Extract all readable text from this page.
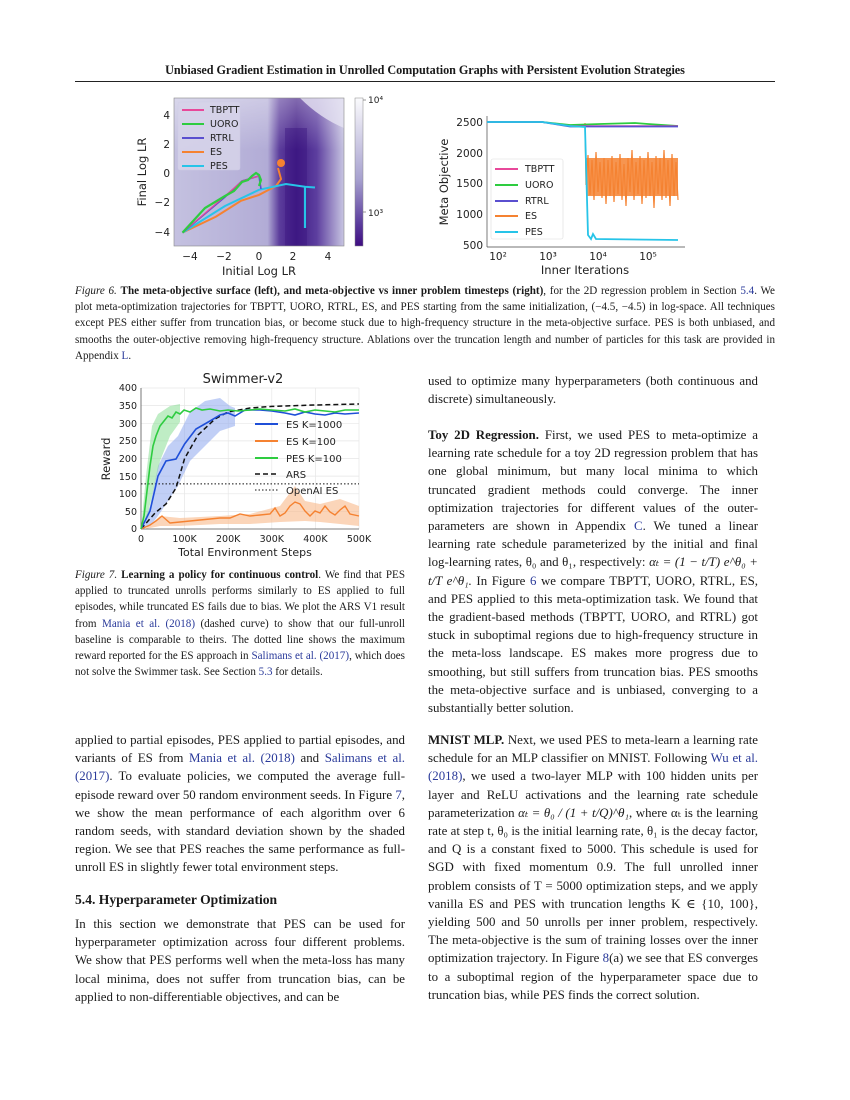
Unbiased Gradient Estimation in Unrolled Computation Graphs with Persistent Evolution Strategies
−4 −2 0	2	4
4
2
0
−2
−4
Initial Log LR
Final Log LR
TBPTT
UORO
RTRL
ES
PES
10⁴
10³
2500
2000
1500
1000
500
10²	10³	10⁴	10⁵
Inner Iterations
Meta Objective	TBPTT
UORO
RTRL
ES
PES
Figure 6. The meta-objective surface (left), and meta-objective vs inner problem timesteps (right), for the 2D regression problem in Section 5.4. We plot meta-optimization trajectories for TBPTT, UORO, RTRL, ES, and PES starting from the same initialization, (−4.5, −4.5) in log-space. All techniques except PES either suffer from truncation bias, or become stuck due to high-frequency structure in the meta-objective surface. PES is both unbiased, and smooths the outer-objective removing high-frequency structure. Ablations over the truncation length and number of particles for this task are provided in Appendix L.
Swimmer-v2
400
350
300
250
200
150
100
50
0
0	100K 200K 300K 400K 500K
Total Environment Steps
Reward
ES K=1000
ES K=100
PES K=100
ARS
OpenAI ES
Figure 7. Learning a policy for continuous control. We find that PES applied to truncated unrolls performs similarly to ES applied to full episodes, while truncated ES fails due to bias. We plot the ARS V1 result from Mania et al. (2018) (dashed curve) to show that our full-unroll baseline is comparable to theirs. The dotted line shows the maximum reward reported for the ES approach in Salimans et al. (2017), which does not solve the Swimmer task. See Section 5.3 for details.
applied to partial episodes, PES applied to partial episodes, and variants of ES from Mania et al. (2018) and Salimans et al. (2017). To evaluate policies, we computed the average full-episode reward over 50 random environment seeds. In Figure 7, we show the mean performance of each algorithm over 6 random seeds, with standard deviation shown by the shaded region. We see that PES reaches the same performance as full-unroll ES in slightly fewer total environment steps.
5.4. Hyperparameter Optimization
In this section we demonstrate that PES can be used for hyperparameter optimization across four different problems. We show that PES performs well when the meta-loss has many local minima, does not suffer from truncation bias, can be applied to non-differentiable objectives, and can be
used to optimize many hyperparameters (both continuous and discrete) simultaneously.
Toy 2D Regression. First, we used PES to meta-optimize a learning rate schedule for a toy 2D regression problem that has one global minimum, but many local minima to which truncated gradient methods could converge. The inner optimization trajectories for different values of the outer-parameters are shown in Appendix C. We tuned a linear learning rate schedule parameterized by the initial and final log-learning rates, θ₀ and θ₁, respectively: αₜ = (1 − t/T) e^θ₀ + t/T e^θ₁. In Figure 6 we compare TBPTT, UORO, RTRL, ES, and PES applied to this meta-optimization task. We found that the gradient-based methods (TBPTT, UORO, and RTRL) got stuck in suboptimal regions due to high-frequency structure in the meta-loss landscape. ES makes more progress due to smoothing, but still suffers from truncation bias. PES smooths the meta-objective surface and is unbiased, converging to a substantially better solution.
MNIST MLP. Next, we used PES to meta-learn a learning rate schedule for an MLP classifier on MNIST. Following Wu et al. (2018), we used a two-layer MLP with 100 hidden units per layer and ReLU activations and the learning rate schedule parameterization αₜ = θ₀ / (1 + t/Q)^θ₁, where αₜ is the learning rate at step t, θ₀ is the initial learning rate, θ₁ is the decay factor, and Q is a constant fixed to 5000. This schedule is used for SGD with fixed momentum 0.9. The full unrolled inner problem consists of T = 5000 optimization steps, and we apply vanilla ES and PES with truncation lengths K ∈ {10, 100}, yielding 500 and 50 unrolls per inner problem, respectively. The meta-objective is the sum of training losses over the inner optimization trajectory. In Figure 8(a) we see that ES converges to a suboptimal region of the hyperparameter space due to truncation bias, while PES finds the correct solution.
